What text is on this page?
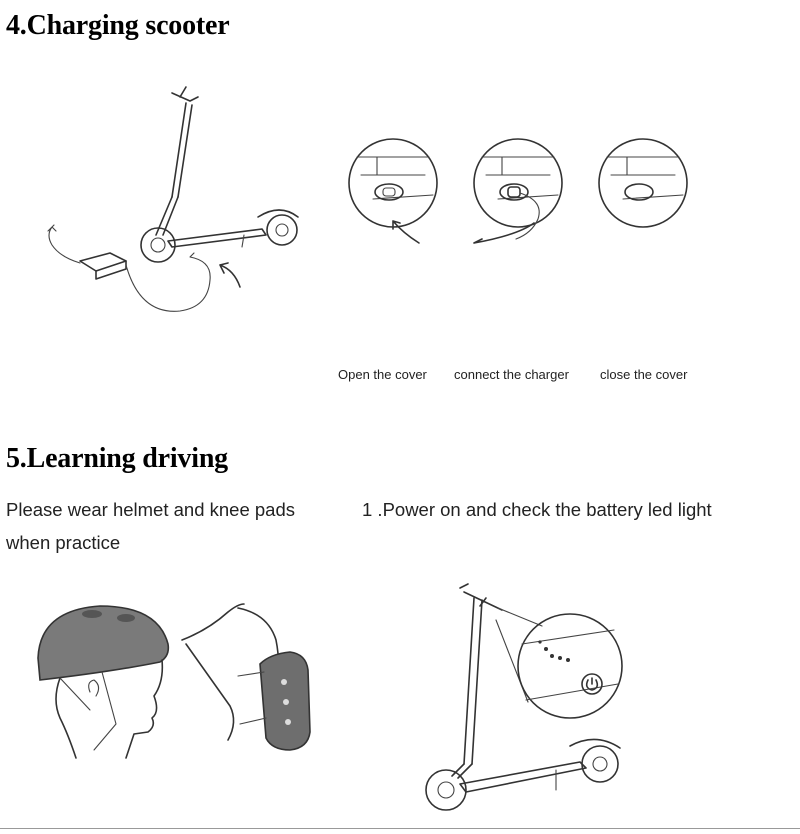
4.Charging scooter
Open the cover connect the charger close the cover
5.Learning driving

Please wear helmet and knee pads when practice

1 .Power on and check the battery led light
